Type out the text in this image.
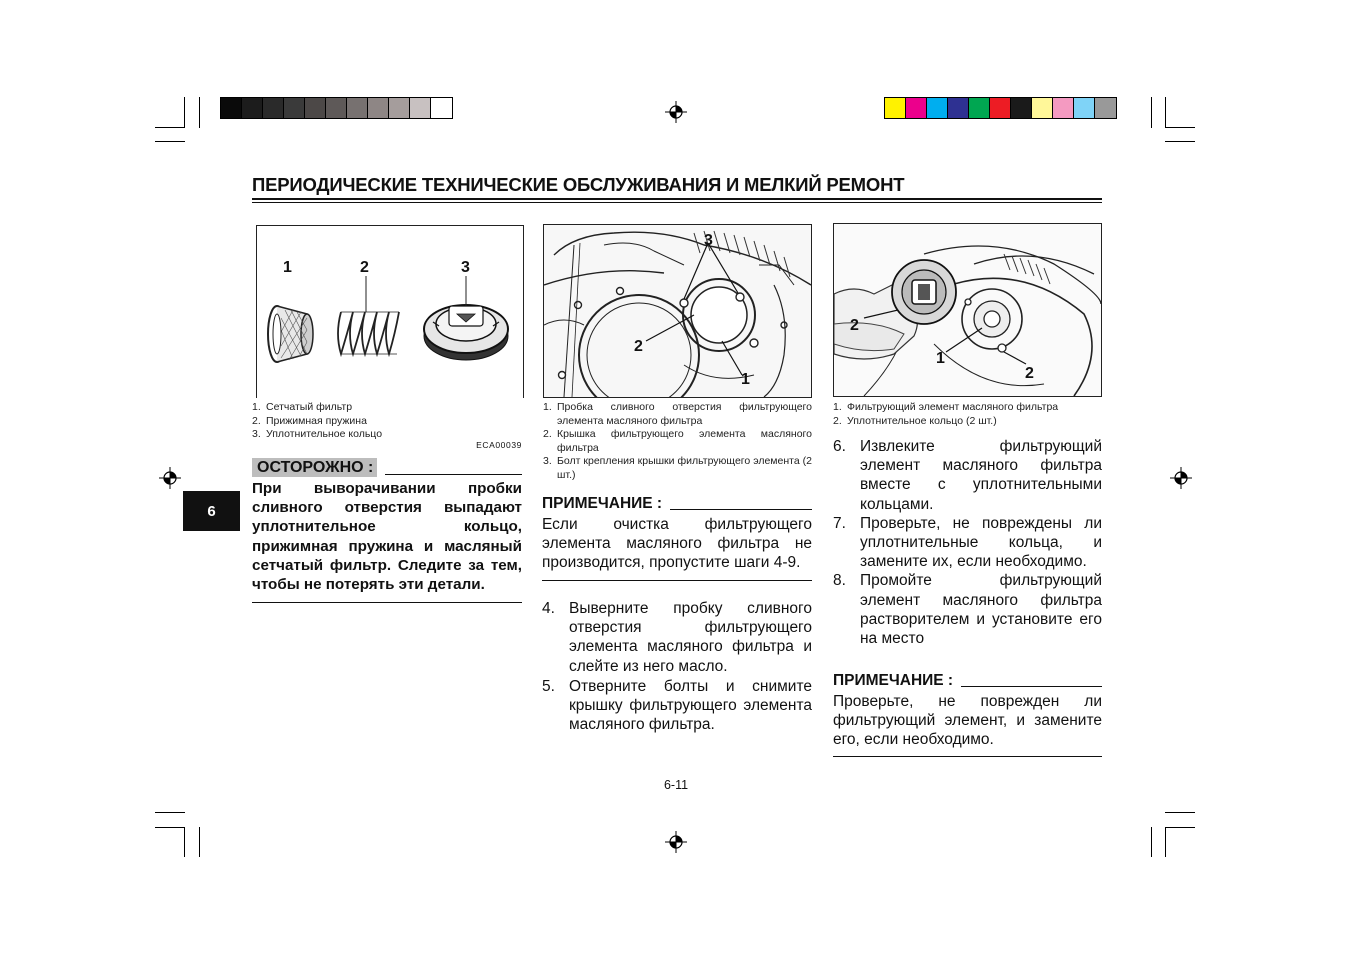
ПЕРИОДИЧЕСКИЕ ТЕХНИЧЕСКИЕ ОБСЛУЖИВАНИЯ И МЕЛКИЙ РЕМОНТ
6
1	2	3
1. Сетчатый фильтр
2. Прижимная пружина
3. Уплотнительное кольцо
ECA00039
ОСТОРОЖНО :
При выворачивании пробки сливного отверстия выпадают уплотнительное кольцо, прижимная пружина и масляный сетчатый фильтр. Следите за тем, чтобы не потерять эти детали.
3
2
1
1. Пробка сливного отверстия фильтрующего элемента масляного фильтра
2. Крышка фильтрующего элемента масляного фильтра
3. Болт крепления крышки фильтрующего элемента (2 шт.)
ПРИМЕЧАНИЕ :
Если очистка фильтрующего элемента масляного фильтра не производится, пропустите шаги 4-9.
4. Выверните пробку сливного отверстия фильтрующего элемента масляного фильтра и слейте из него масло.
5. Отверните болты и снимите крышку фильтрующего элемента масляного фильтра.
2
1
2
1. Фильтрующий элемент масляного фильтра
2. Уплотнительное кольцо (2 шт.)
6. Извлеките фильтрующий элемент масляного фильтра вместе с уплотнительными кольцами.
7. Проверьте, не повреждены ли уплотнительные кольца, и замените их, если необходимо.
8. Промойте фильтрующий элемент масляного фильтра растворителем и установите его на место
ПРИМЕЧАНИЕ :
Проверьте, не поврежден ли фильтрующий элемент, и замените его, если необходимо.
6-11
